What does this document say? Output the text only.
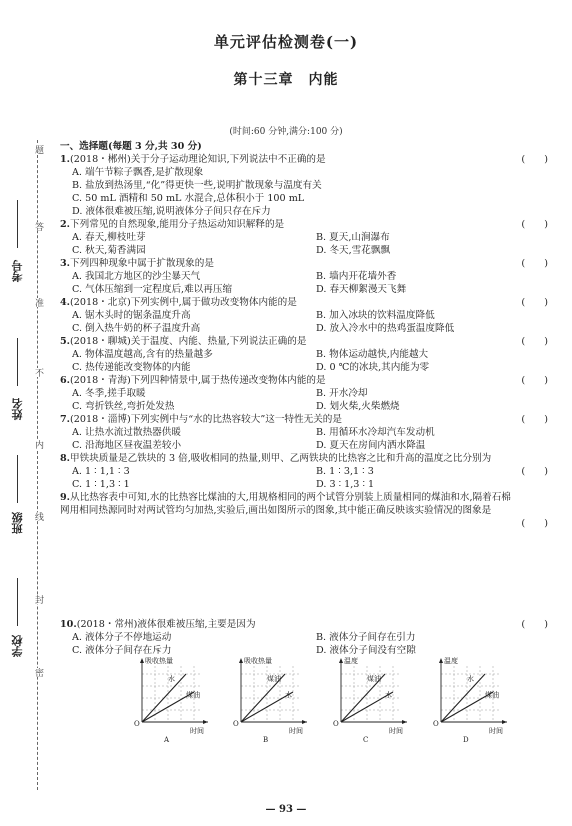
题
答
准
不
内
线
封
密
考号
姓名
班级
学校
单元评估检测卷(一)
第十三章　内能
(时间:60 分钟,满分:100 分)
一、选择题(每题 3 分,共 30 分)
1.(2018・郴州)关于分子运动理论知识,下列说法中不正确的是	(　　)
A. 端午节粽子飘香,是扩散现象
B. 盐放到热汤里,“化”得更快一些,说明扩散现象与温度有关
C. 50 mL 酒精和 50 mL 水混合,总体积小于 100 mL
D. 液体很难被压缩,说明液体分子间只存在斥力
2.下列常见的自然现象,能用分子热运动知识解释的是	(　　)
A. 春天,柳枝吐芽	B. 夏天,山涧瀑布
C. 秋天,菊香满园	D. 冬天,雪花飘飘
3.下列四种现象中属于扩散现象的是	(　　)
A. 我国北方地区的沙尘暴天气	B. 墙内开花墙外香
C. 气体压缩到一定程度后,难以再压缩	D. 春天柳絮漫天飞舞
4.(2018・北京)下列实例中,属于做功改变物体内能的是	(　　)
A. 锯木头时的锯条温度升高	B. 加入冰块的饮料温度降低
C. 倒入热牛奶的杯子温度升高	D. 放入冷水中的热鸡蛋温度降低
5.(2018・聊城)关于温度、内能、热量,下列说法正确的是	(　　)
A. 物体温度越高,含有的热量越多	B. 物体运动越快,内能越大
C. 热传递能改变物体的内能	D. 0 ℃的冰块,其内能为零
6.(2018・青海)下列四种情景中,属于热传递改变物体内能的是	(　　)
A. 冬季,搓手取暖	B. 开水冷却
C. 弯折铁丝,弯折处发热	D. 划火柴,火柴燃烧
7.(2018・淄博)下列实例中与“水的比热容较大”这一特性无关的是	(　　)
A. 让热水流过散热器供暖	B. 用循环水冷却汽车发动机
C. 沿海地区昼夜温差较小	D. 夏天在房间内洒水降温
8.甲铁块质量是乙铁块的 3 倍,吸收相同的热量,则甲、乙两铁块的比热容之比和升高的温度之比分别为
(　　)
A. 1 ∶ 1,1 ∶ 3	B. 1 ∶ 3,1 ∶ 3
C. 1 ∶ 1,3 ∶ 1	D. 3 ∶ 1,3 ∶ 1
9.从比热容表中可知,水的比热容比煤油的大,用规格相同的两个试管分别装上质量相同的煤油和水,隔着石棉网用相同热源同时对两试管均匀加热,实验后,画出如图所示的图象,其中能正确反映该实验情况的图象是
(　　)
10.(2018・常州)液体很难被压缩,主要是因为	(　　)
A. 液体分子不停地运动	B. 液体分子间存在引力
C. 液体分子间存在斥力	D. 液体分子间没有空隙
吸收热量
水
煤油
O
时间
A
吸收热量
煤油
水
O
时间
B
温度
煤油
水
O
时间
C
温度
水
煤油
O
时间
D
— 93 —
